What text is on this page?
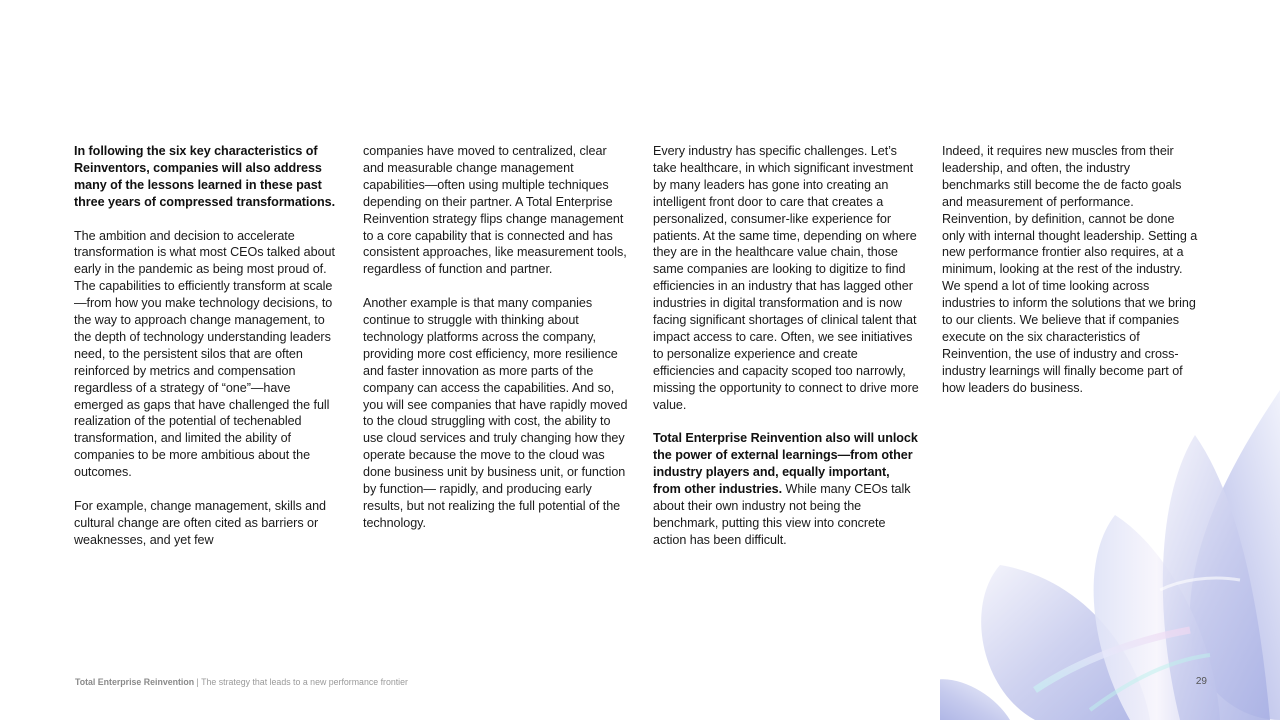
In following the six key characteristics of Reinventors, companies will also address many of the lessons learned in these past three years of compressed transformations.

The ambition and decision to accelerate transformation is what most CEOs talked about early in the pandemic as being most proud of. The capabilities to efficiently transform at scale—from how you make technology decisions, to the way to approach change management, to the depth of technology understanding leaders need, to the persistent silos that are often reinforced by metrics and compensation regardless of a strategy of “one”—have emerged as gaps that have challenged the full realization of the potential of techenabled transformation, and limited the ability of companies to be more ambitious about the outcomes.

For example, change management, skills and cultural change are often cited as barriers or weaknesses, and yet few

companies have moved to centralized, clear and measurable change management capabilities—often using multiple techniques depending on their partner. A Total Enterprise Reinvention strategy flips change management to a core capability that is connected and has consistent approaches, like measurement tools, regardless of function and partner.

Another example is that many companies continue to struggle with thinking about technology platforms across the company, providing more cost efficiency, more resilience and faster innovation as more parts of the company can access the capabilities. And so, you will see companies that have rapidly moved to the cloud struggling with cost, the ability to use cloud services and truly changing how they operate because the move to the cloud was done business unit by business unit, or function by function— rapidly, and producing early results, but not realizing the full potential of the technology.

Every industry has specific challenges. Let’s take healthcare, in which significant investment by many leaders has gone into creating an intelligent front door to care that creates a personalized, consumer-like experience for patients. At the same time, depending on where they are in the healthcare value chain, those same companies are looking to digitize to find efficiencies in an industry that has lagged other industries in digital transformation and is now facing significant shortages of clinical talent that impact access to care. Often, we see initiatives to personalize experience and create efficiencies and capacity scoped too narrowly, missing the opportunity to connect to drive more value.

Total Enterprise Reinvention also will unlock the power of external learnings—from other industry players and, equally important, from other industries. While many CEOs talk about their own industry not being the benchmark, putting this view into concrete action has been difficult.

Indeed, it requires new muscles from their leadership, and often, the industry benchmarks still become the de facto goals and measurement of performance. Reinvention, by definition, cannot be done only with internal thought leadership. Setting a new performance frontier also requires, at a minimum, looking at the rest of the industry. We spend a lot of time looking across industries to inform the solutions that we bring to our clients. We believe that if companies execute on the six characteristics of Reinvention, the use of industry and cross-industry learnings will finally become part of how leaders do business.

Total Enterprise Reinvention | The strategy that leads to a new performance frontier	29
